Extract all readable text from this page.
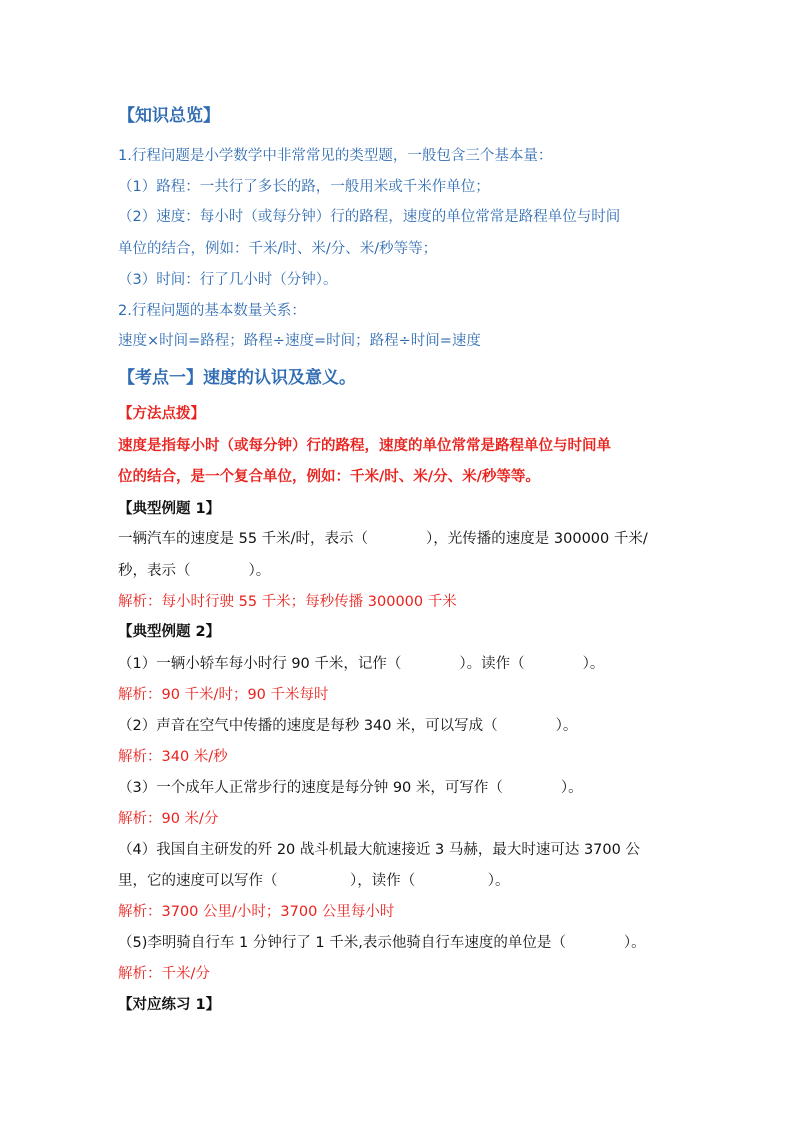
【知识总览】
1.行程问题是小学数学中非常常见的类型题，一般包含三个基本量：
（1）路程：一共行了多长的路，一般用米或千米作单位；
（2）速度：每小时（或每分钟）行的路程，速度的单位常常是路程单位与时间
单位的结合，例如：千米/时、米/分、米/秒等等；
（3）时间：行了几小时（分钟）。
2.行程问题的基本数量关系：
速度×时间=路程；路程÷速度=时间；路程÷时间=速度
【考点一】速度的认识及意义。
【方法点拨】
速度是指每小时（或每分钟）行的路程，速度的单位常常是路程单位与时间单
位的结合，是一个复合单位，例如：千米/时、米/分、米/秒等等。
【典型例题 1】
一辆汽车的速度是 55 千米/时，表示（　　　　），光传播的速度是 300000 千米/
秒，表示（　　　　）。
解析：每小时行驶 55 千米；每秒传播 300000 千米
【典型例题 2】
（1）一辆小轿车每小时行 90 千米，记作（　　　　）。读作（　　　　）。
解析：90 千米/时；90 千米每时
（2）声音在空气中传播的速度是每秒 340 米，可以写成（　　　　）。
解析：340 米/秒
（3）一个成年人正常步行的速度是每分钟 90 米，可写作（　　　　）。
解析：90 米/分
（4）我国自主研发的歼 20 战斗机最大航速接近 3 马赫，最大时速可达 3700 公
里，它的速度可以写作（　　　　　），读作（　　　　　）。
解析：3700 公里/小时；3700 公里每小时
（5)李明骑自行车 1 分钟行了 1 千米,表示他骑自行车速度的单位是（　　　　）。
解析：千米/分
【对应练习 1】
